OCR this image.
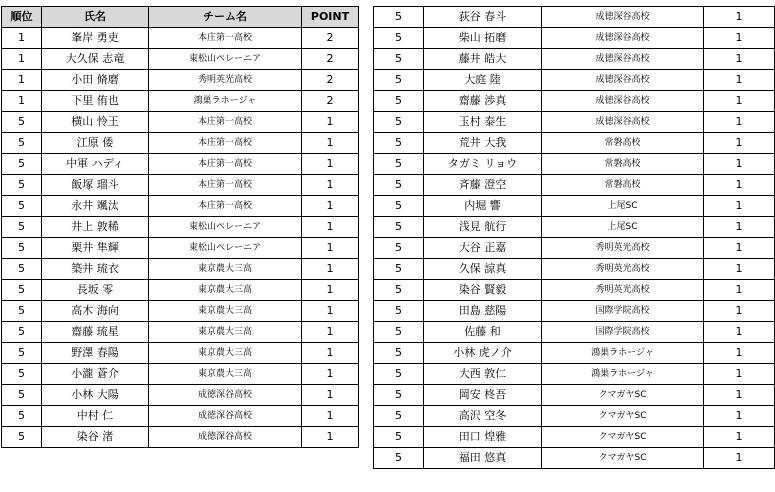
順位	氏名	チーム名	POINT
1	峯岸 勇吏	本庄第一高校	2
1	大久保 志竜	東松山ペレーニア	2
1	小田 脩磨	秀明英光高校	2
1	下里 侑也	鴻巣ラホージャ	2
5	横山 怜王	本庄第一高校	1
5	江原 倭	本庄第一高校	1
5	中軍 ハディ	本庄第一高校	1
5	飯塚 瑠斗	本庄第一高校	1
5	永井 颯汰	本庄第一高校	1
5	井上 敦稀	東松山ペレーニア	1
5	栗井 隼輝	東松山ペレーニア	1
5	築井 琉衣	東京農大三高	1
5	長坂 零	東京農大三高	1
5	高木 海向	東京農大三高	1
5	齋藤 琉星	東京農大三高	1
5	野澤 春陽	東京農大三高	1
5	小瀧 蒼介	東京農大三高	1
5	小林 大陽	成徳深谷高校	1
5	中村 仁	成徳深谷高校	1
5	染谷 渚	成徳深谷高校	1
5	荻谷 春斗	成徳深谷高校	1
5	柴山 拓磨	成徳深谷高校	1
5	藤井 皓大	成徳深谷高校	1
5	大庭 陸	成徳深谷高校	1
5	齋藤 渉真	成徳深谷高校	1
5	玉村 泰生	成徳深谷高校	1
5	荒井 大我	常磐高校	1
5	タガミ リョウ	常磐高校	1
5	斉藤 澄空	常磐高校	1
5	内堀 響	上尾SC	1
5	浅見 航行	上尾SC	1
5	大谷 正嘉	秀明英光高校	1
5	久保 諒真	秀明英光高校	1
5	染谷 賢毅	秀明英光高校	1
5	田島 慈陽	国際学院高校	1
5	佐藤 和	国際学院高校	1
5	小林 虎ノ介	鴻巣ラホージャ	1
5	大西 敦仁	鴻巣ラホージャ	1
5	岡安 柊吾	クマガヤSC	1
5	高沢 空冬	クマガヤSC	1
5	田口 煌雅	クマガヤSC	1
5	福田 悠真	クマガヤSC	1
